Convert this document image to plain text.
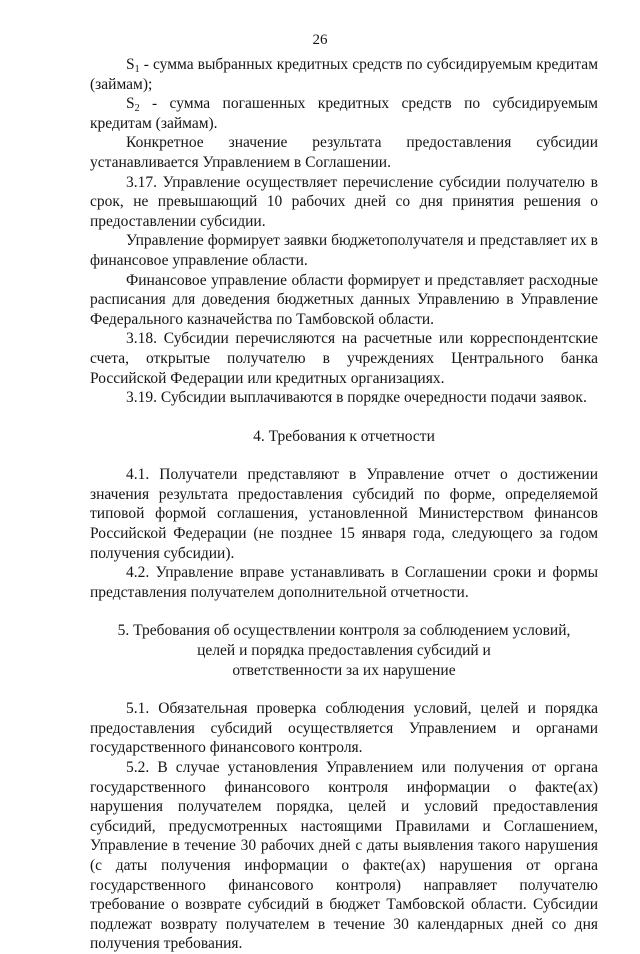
26

$S_1$ - сумма выбранных кредитных средств по субсидируемым кредитам (займам);

$S_2$ - сумма погашенных кредитных средств по субсидируемым кредитам (займам).

Конкретное значение результата предоставления субсидии устанавливается Управлением в Соглашении.

3.17. Управление осуществляет перечисление субсидии получателю в срок, не превышающий 10 рабочих дней со дня принятия решения о предоставлении субсидии.

Управление формирует заявки бюджетополучателя и представляет их в финансовое управление области.

Финансовое управление области формирует и представляет расходные расписания для доведения бюджетных данных Управлению в Управление Федерального казначейства по Тамбовской области.

3.18. Субсидии перечисляются на расчетные или корреспондентские счета, открытые получателю в учреждениях Центрального банка Российской Федерации или кредитных организациях.

3.19. Субсидии выплачиваются в порядке очередности подачи заявок.

4. Требования к отчетности

4.1. Получатели представляют в Управление отчет о достижении значения результата предоставления субсидий по форме, определяемой типовой формой соглашения, установленной Министерством финансов Российской Федерации (не позднее 15 января года, следующего за годом получения субсидии).

4.2. Управление вправе устанавливать в Соглашении сроки и формы представления получателем дополнительной отчетности.

5. Требования об осуществлении контроля за соблюдением условий,
целей и порядка предоставления субсидий и
ответственности за их нарушение

5.1. Обязательная проверка соблюдения условий, целей и порядка предоставления субсидий осуществляется Управлением и органами государственного финансового контроля.

5.2. В случае установления Управлением или получения от органа государственного финансового контроля информации о факте(ах) нарушения получателем порядка, целей и условий предоставления субсидий, предусмотренных настоящими Правилами и Соглашением, Управление в течение 30 рабочих дней с даты выявления такого нарушения (с даты получения информации о факте(ах) нарушения от органа государственного финансового контроля) направляет получателю требование о возврате субсидий в бюджет Тамбовской области. Субсидии подлежат возврату получателем в течение 30 календарных дней со дня получения требования.
